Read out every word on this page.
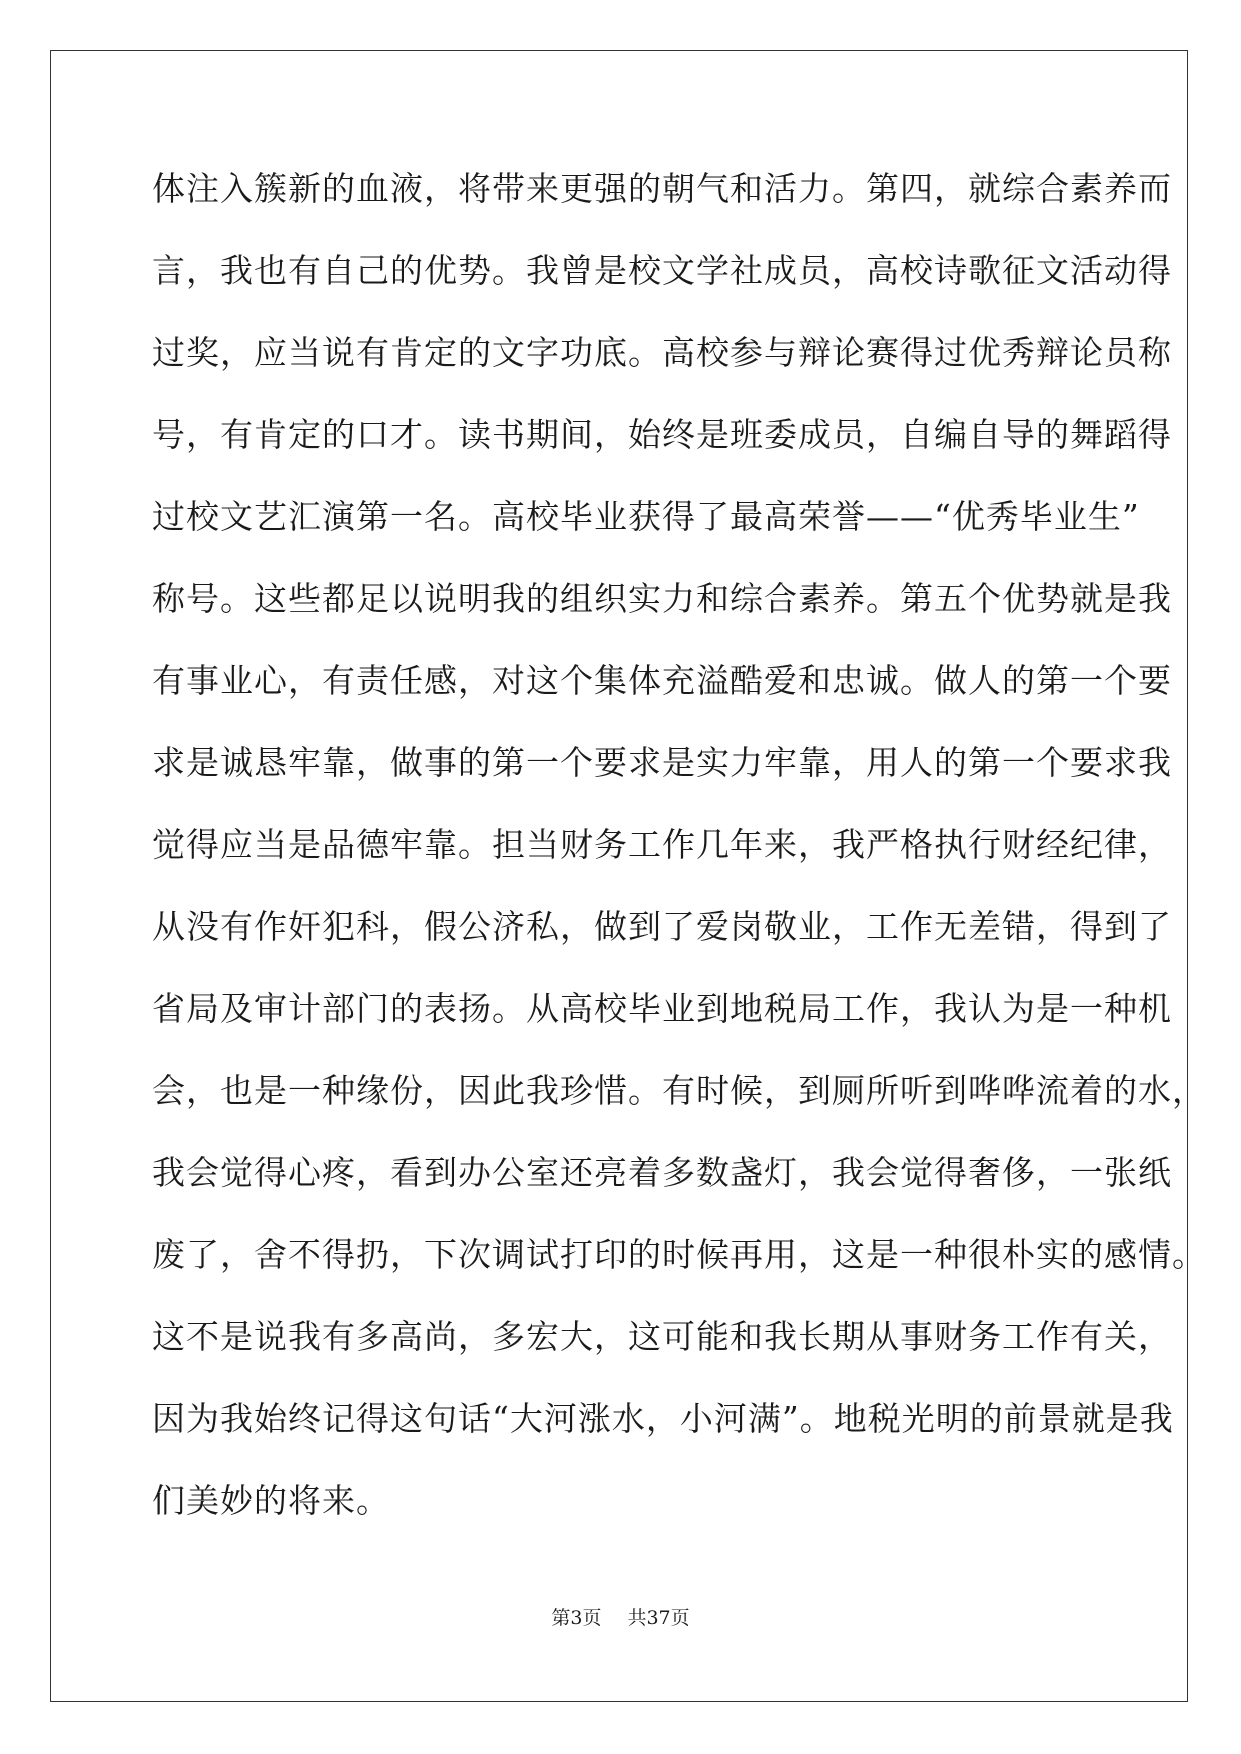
体注入簇新的血液，将带来更强的朝气和活力。第四，就综合素养而
言，我也有自己的优势。我曾是校文学社成员，高校诗歌征文活动得
过奖，应当说有肯定的文字功底。高校参与辩论赛得过优秀辩论员称
号，有肯定的口才。读书期间，始终是班委成员，自编自导的舞蹈得
过校文艺汇演第一名。高校毕业获得了最高荣誉——“优秀毕业生”
称号。这些都足以说明我的组织实力和综合素养。第五个优势就是我
有事业心，有责任感，对这个集体充溢酷爱和忠诚。做人的第一个要
求是诚恳牢靠，做事的第一个要求是实力牢靠，用人的第一个要求我
觉得应当是品德牢靠。担当财务工作几年来，我严格执行财经纪律，
从没有作奸犯科，假公济私，做到了爱岗敬业，工作无差错，得到了
省局及审计部门的表扬。从高校毕业到地税局工作，我认为是一种机
会，也是一种缘份，因此我珍惜。有时候，到厕所听到哗哗流着的水，
我会觉得心疼，看到办公室还亮着多数盏灯，我会觉得奢侈，一张纸
废了，舍不得扔，下次调试打印的时候再用，这是一种很朴实的感情。
这不是说我有多高尚，多宏大，这可能和我长期从事财务工作有关，
因为我始终记得这句话“大河涨水，小河满”。地税光明的前景就是我
们美妙的将来。
第3页 共37页
